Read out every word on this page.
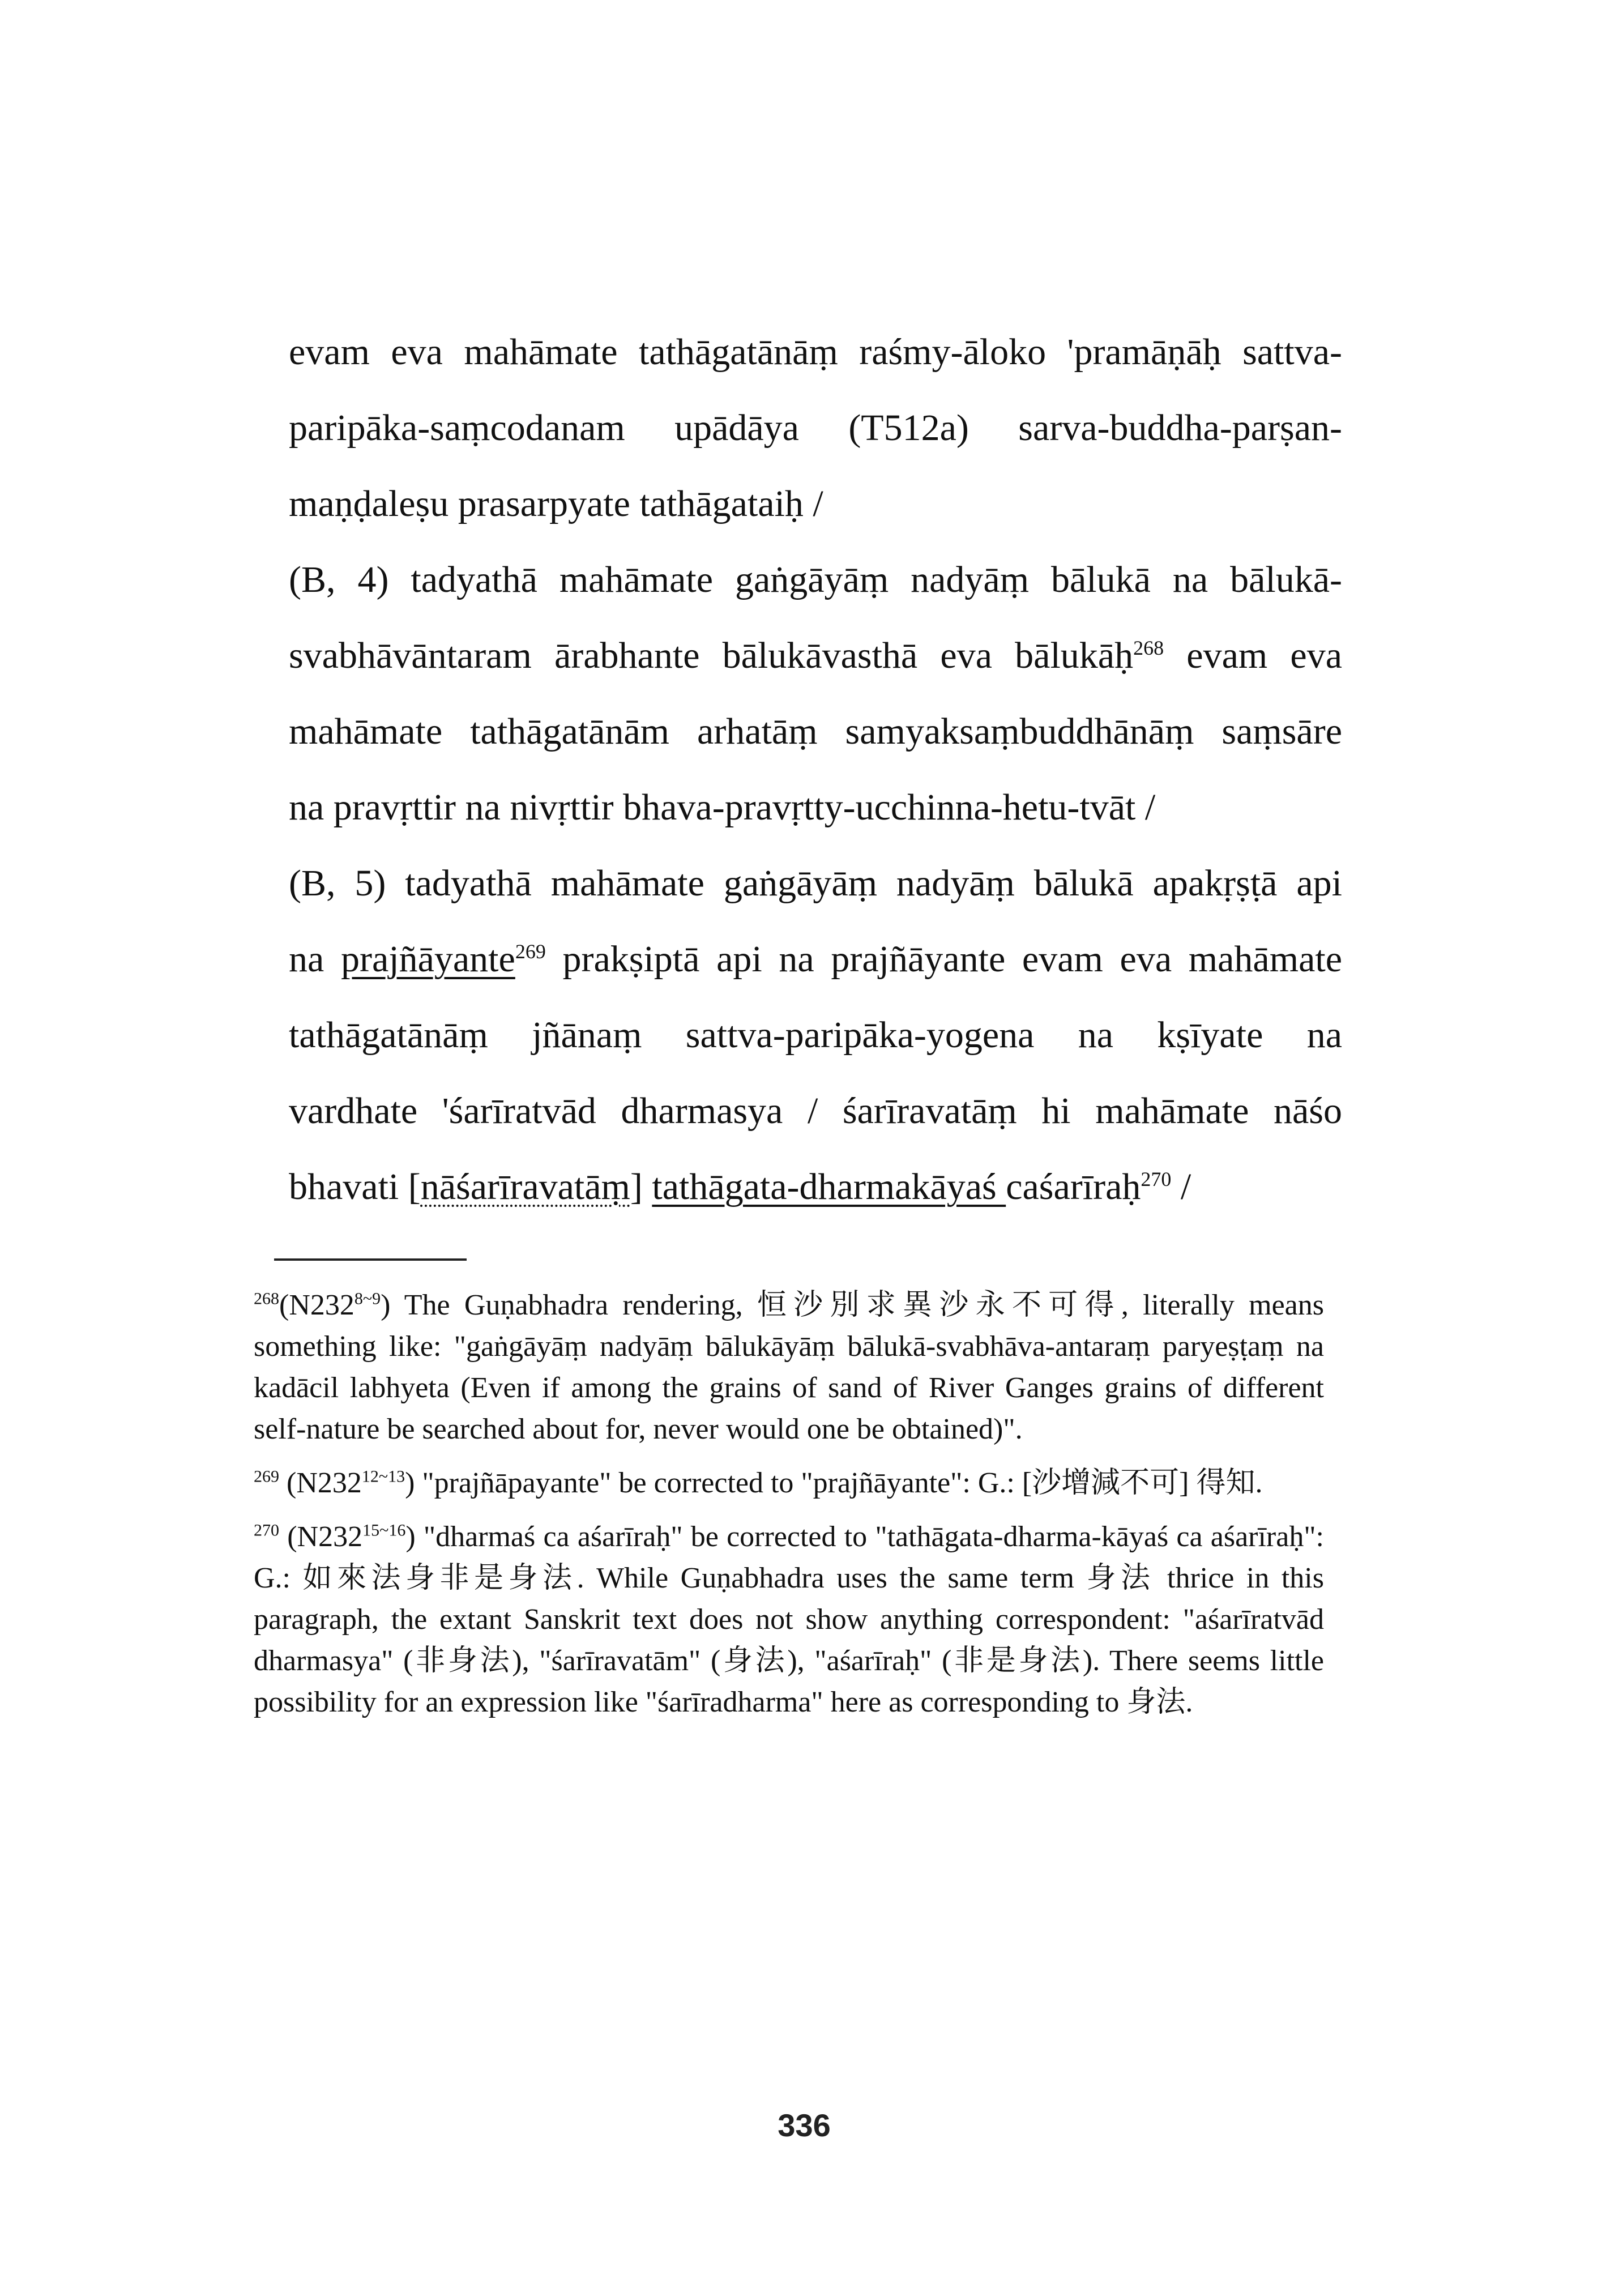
evam eva mahāmate tathāgatānāṃ raśmy-āloko 'pramāṇāḥ sattva-
paripāka-saṃcodanam upādāya (T512a) sarva-buddha-parṣan-
maṇḍaleṣu prasarpyate tathāgataiḥ /
(B, 4) tadyathā mahāmate gaṅgāyāṃ nadyāṃ bālukā na bālukā-
svabhāvāntaram ārabhante bālukāvasthā eva bālukāḥ$^{268}$ evam eva
mahāmate tathāgatānām arhatāṃ samyaksaṃbuddhānāṃ saṃsāre
na pravṛttir na nivṛttir bhava-pravṛtty-ucchinna-hetu-tvāt /
(B, 5) tadyathā mahāmate gaṅgāyāṃ nadyāṃ bālukā apakṛṣṭā api
na prajñāyante$^{269}$ prakṣiptā api na prajñāyante evam eva mahāmate
tathāgatānāṃ jñānaṃ sattva-paripāka-yogena na kṣīyate na
vardhate 'śarīratvād dharmasya / śarīravatāṃ hi mahāmate nāśo
bhavati [nāśarīravatāṃ] tathāgata-dharmakāyaś caśarīraḥ$^{270}$ /
$^{268}(N232^{8\sim 9})$ The Guṇabhadra rendering, 恒沙別求異沙永不可得, literally means something like: "gaṅgāyāṃ nadyāṃ bālukāyāṃ bālukā-svabhāva-antaraṃ paryeṣṭaṃ na kadācil labhyeta (Even if among the grains of sand of River Ganges grains of different self-nature be searched about for, never would one be obtained)".
$^{269}$ $(N232^{12\sim 13})$ "prajñāpayante" be corrected to "prajñāyante": G.: [沙增減不可] 得知.
$^{270}$ $(N232^{15\sim 16})$ "dharmaś ca aśarīraḥ" be corrected to "tathāgata-dharma-kāyaś ca aśarīraḥ": G.: 如來法身非是身法. While Guṇabhadra uses the same term 身法 thrice in this paragraph, the extant Sanskrit text does not show anything correspondent: "aśarīratvād dharmasya" (非身法), "śarīravatām" (身法), "aśarīraḥ" (非是身法). There seems little possibility for an expression like "śarīradharma" here as corresponding to 身法.
336
